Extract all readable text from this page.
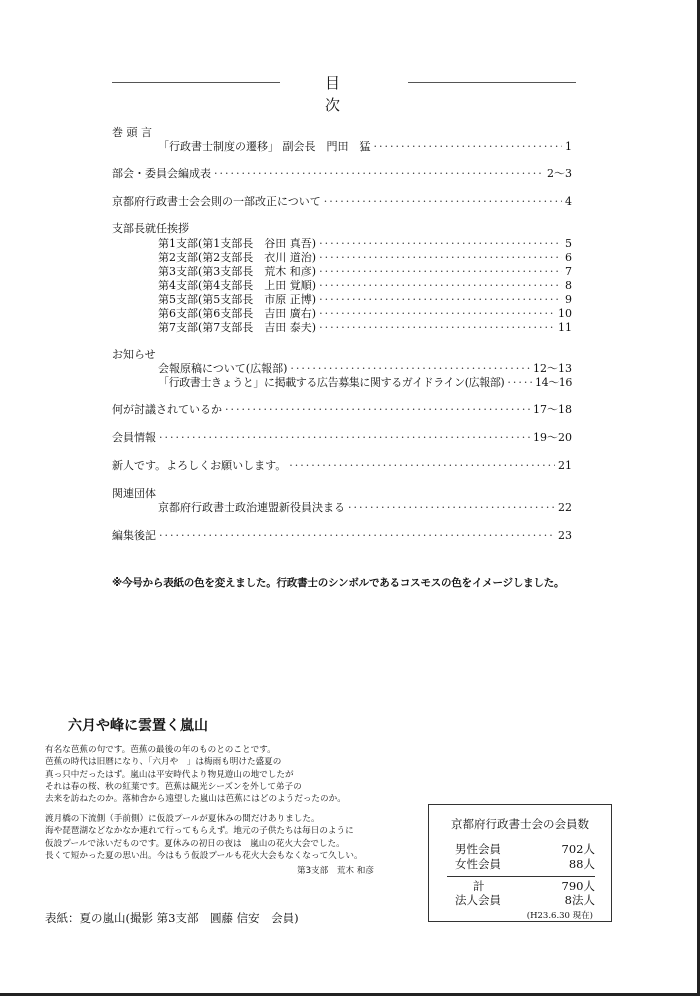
目次
巻 頭 言
「行政書士制度の遷移」 副会長　門田　猛 ·····	1
部会・委員会編成表 ·····	2〜3
京都府行政書士会会則の一部改正について ·····	4
支部長就任挨拶
第1支部(第1支部長　谷田 真吾) ·····	5
第2支部(第2支部長　衣川 道治) ·····	6
第3支部(第3支部長　荒木 和彦) ·····	7
第4支部(第4支部長　上田 覚順) ·····	8
第5支部(第5支部長　市原 正博) ·····	9
第6支部(第6支部長　吉田 廣右) ·····	10
第7支部(第7支部長　吉田 泰夫) ·····	11
お知らせ
会報原稿について(広報部) ·····	12〜13
「行政書士きょうと」に掲載する広告募集に関するガイドライン(広報部) ·····	14〜16
何が討議されているか ·····	17〜18
会員情報 ·····	19〜20
新人です。よろしくお願いします。 ·····	21
関連団体
京都府行政書士政治連盟新役員決まる ·····	22
編集後記 ·····	23
※今号から表紙の色を変えました。行政書士のシンボルであるコスモスの色をイメージしました。
六月や峰に雲置く嵐山
有名な芭蕉の句です。芭蕉の最後の年のものとのことです。
芭蕉の時代は旧暦になり、「六月や　」は梅雨も明けた盛夏の
真っ只中だったはず。嵐山は平安時代より物見遊山の地でしたが
それは春の桜、秋の紅葉です。芭蕉は観光シーズンを外して弟子の
去来を訪ねたのか。落柿舎から遠望した嵐山は芭蕉にはどのようだったのか。
渡月橋の下流側（手前側）に仮設プールが夏休みの間だけありました。
海や琵琶湖などなかなか連れて行ってもらえず。地元の子供たちは毎日のように
仮設プールで泳いだものです。夏休みの初日の夜は　嵐山の花火大会でした。
長くて短かった夏の思い出。今はもう仮設プールも花火大会もなくなって久しい。
第3支部　荒木 和彦
表紙：夏の嵐山(撮影 第3支部　圓藤 信安　会員)
京都府行政書士会の会員数
男性会員	702人
女性会員	88人
計	790人
法人会員	8法人
(H23.6.30 現在)
